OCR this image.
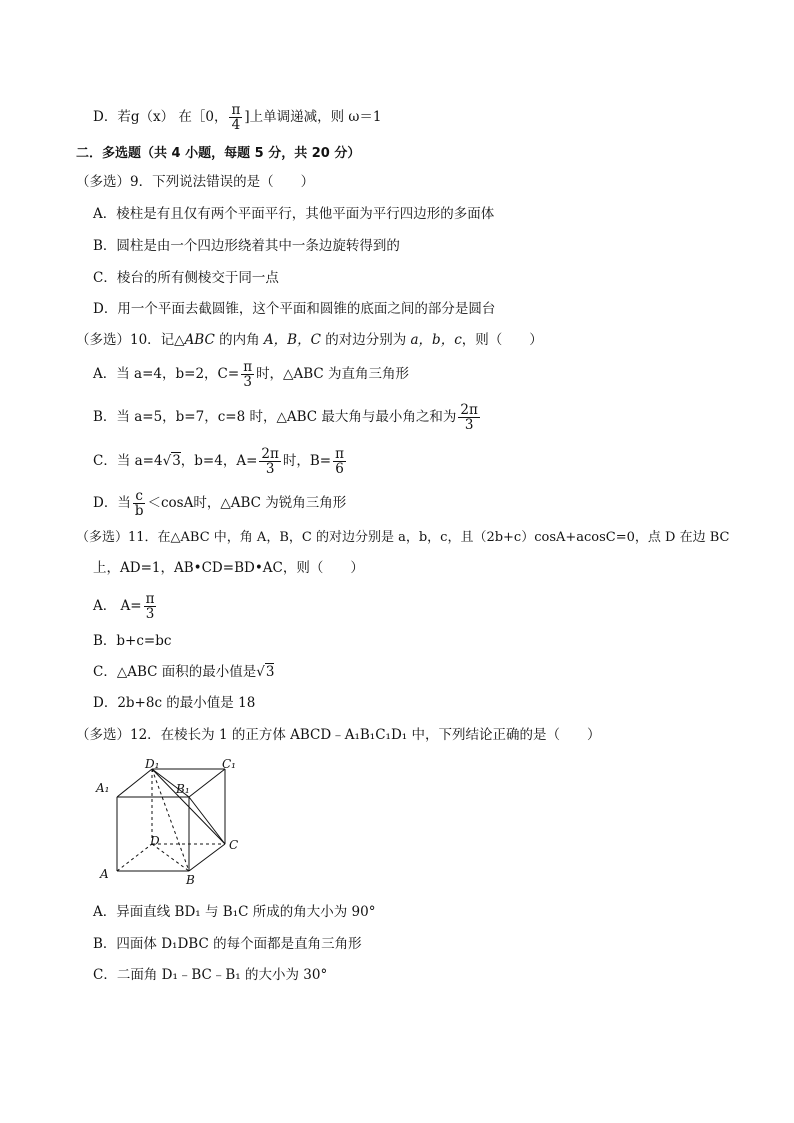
D．若g（x） 在［0， $\frac{\pi}{4}$ ]上单调递减，则 ω＝1
二．多选题（共 4 小题，每题 5 分，共 20 分）
（多选）9．下列说法错误的是（　　）
A．棱柱是有且仅有两个平面平行，其他平面为平行四边形的多面体
B．圆柱是由一个四边形绕着其中一条边旋转得到的
C．棱台的所有侧棱交于同一点
D．用一个平面去截圆锥，这个平面和圆锥的底面之间的部分是圆台
（多选）10．记△ABC 的内角 A，B，C 的对边分别为 a，b，c，则（　　）
A．当 a=4，b=2，$C= \frac{\pi}{3}$ 时，△ABC 为直角三角形
B．当 a=5，b=7，c=8 时，△ABC 最大角与最小角之和为 $\frac{2\pi}{3}$
C．当 a=4√3，b=4，$A= \frac{2\pi}{3}$ 时，$B= \frac{\pi}{6}$
D．当 $\frac{c}{b} <\cos A$时，△ABC 为锐角三角形
（多选）11．在△ABC 中，角 A，B，C 的对边分别是 a，b，c，且（2b+c）cosA+acosC=0，点 D 在边 BC
上，AD=1，AB•CD=BD•AC，则（　　）
A． $A= \frac{\pi}{3}$
B．b+c=bc
C．△ABC 面积的最小值是√3
D．2b+8c 的最小值是 18
（多选）12．在棱长为 1 的正方体 ABCD﹣A₁B₁C₁D₁ 中，下列结论正确的是（　　）
D₁	C₁
A₁	B₁
D	C
A	B
A．异面直线 BD₁ 与 B₁C 所成的角大小为 90°
B．四面体 D₁DBC 的每个面都是直角三角形
C．二面角 D₁﹣BC﹣B₁ 的大小为 30°
